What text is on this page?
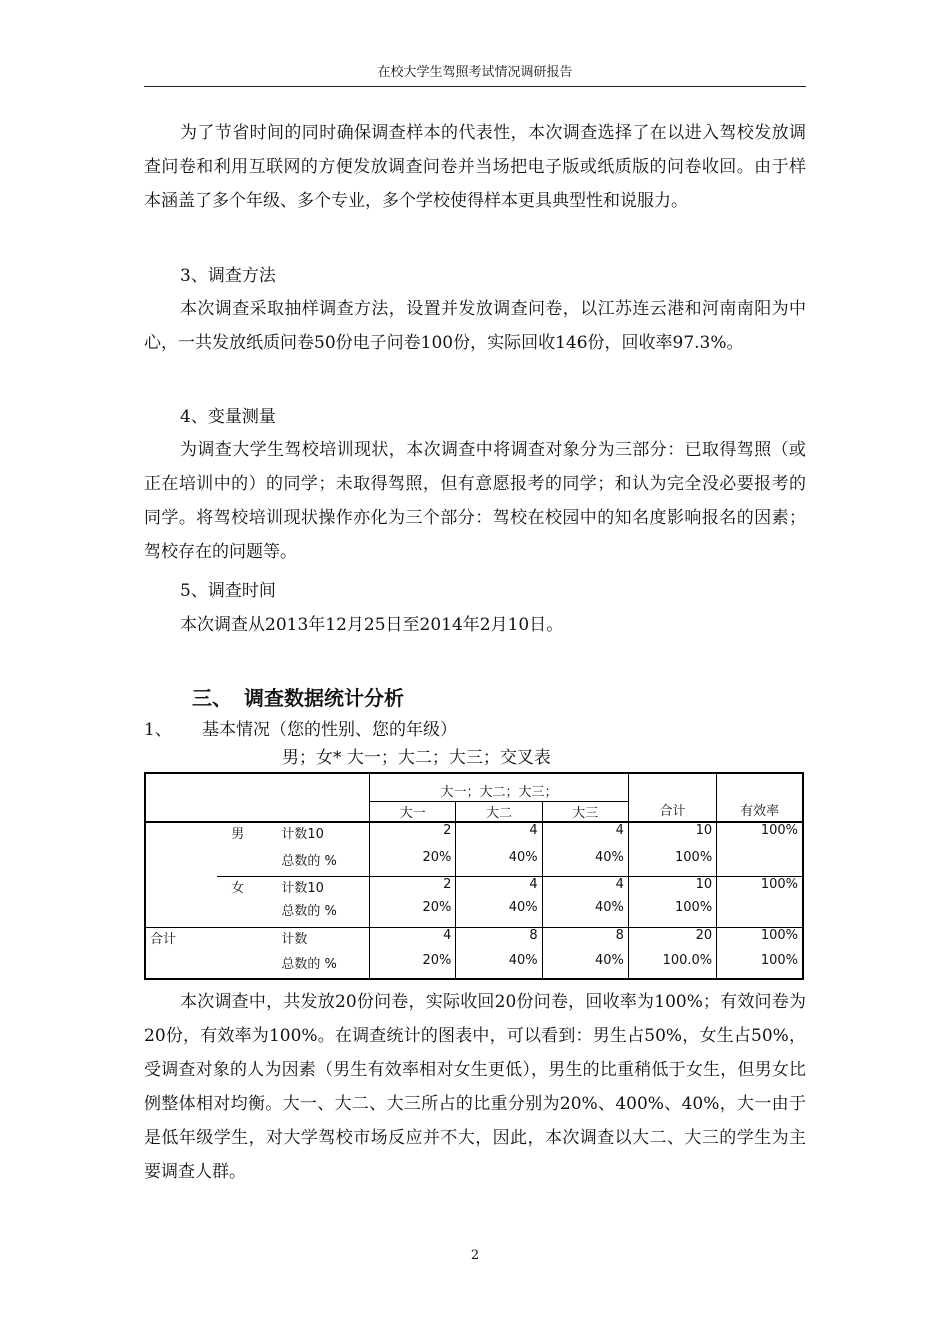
在校大学生驾照考试情况调研报告

为了节省时间的同时确保调查样本的代表性，本次调查选择了在以进入驾校发放调查问卷和利用互联网的方便发放调查问卷并当场把电子版或纸质版的问卷收回。由于样本涵盖了多个年级、多个专业，多个学校使得样本更具典型性和说服力。

3、调查方法

本次调查采取抽样调查方法，设置并发放调查问卷，以江苏连云港和河南南阳为中心，一共发放纸质问卷50份电子问卷100份，实际回收146份，回收率97.3%。

4、变量测量

为调查大学生驾校培训现状，本次调查中将调查对象分为三部分：已取得驾照（或正在培训中的）的同学；未取得驾照，但有意愿报考的同学；和认为完全没必要报考的同学。将驾校培训现状操作亦化为三个部分：驾校在校园中的知名度影响报名的因素；驾校存在的问题等。

5、调查时间

本次调查从2013年12月25日至2014年2月10日。

三、 调查数据统计分析

1、 基本情况（您的性别、您的年级）

男；女* 大一；大二；大三；交叉表

			大一；大二；大三；			合计	有效率
			大一	大二	大三		
	男	计数10	2	4	4	10	100%
		总数的 %	20%	40%	40%	100%	
	女	计数10	2	4	4	10	100%
		总数的 %	20%	40%	40%	100%	
合计		计数	4	8	8	20	100%
		总数的 %	20%	40%	40%	100.0%	100%

本次调查中，共发放20份问卷，实际收回20份问卷，回收率为100%；有效问卷为20份，有效率为100%。在调查统计的图表中，可以看到：男生占50%，女生占50%，受调查对象的人为因素（男生有效率相对女生更低），男生的比重稍低于女生，但男女比例整体相对均衡。大一、大二、大三所占的比重分别为20%、400%、40%，大一由于是低年级学生，对大学驾校市场反应并不大，因此，本次调查以大二、大三的学生为主要调查人群。

2
